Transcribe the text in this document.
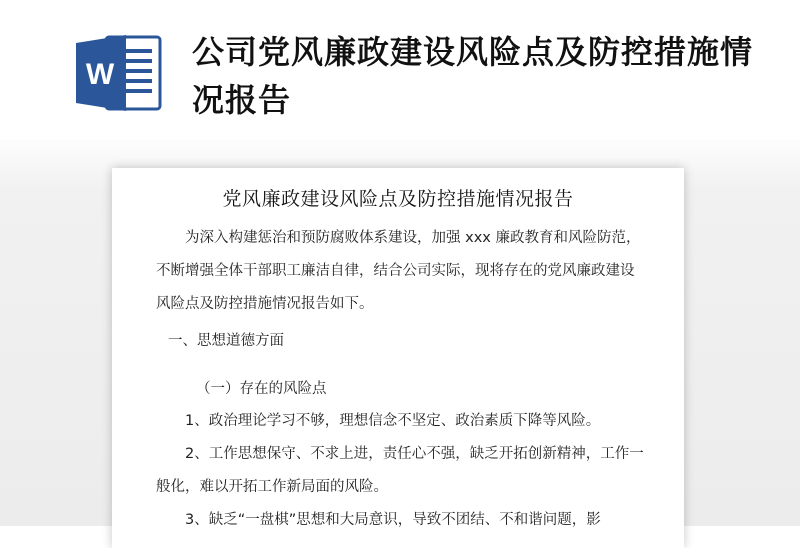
W
公司党风廉政建设风险点及防控措施情况报告
党风廉政建设风险点及防控措施情况报告
为深入构建惩治和预防腐败体系建设，加强 xxx 廉政教育和风险防范，不断增强全体干部职工廉洁自律，结合公司实际，现将存在的党风廉政建设风险点及防控措施情况报告如下。
一、思想道德方面
（一）存在的风险点
1、政治理论学习不够，理想信念不坚定、政治素质下降等风险。
2、工作思想保守、不求上进，责任心不强，缺乏开拓创新精神，工作一般化，难以开拓工作新局面的风险。
3、缺乏“一盘棋”思想和大局意识，导致不团结、不和谐问题，影
